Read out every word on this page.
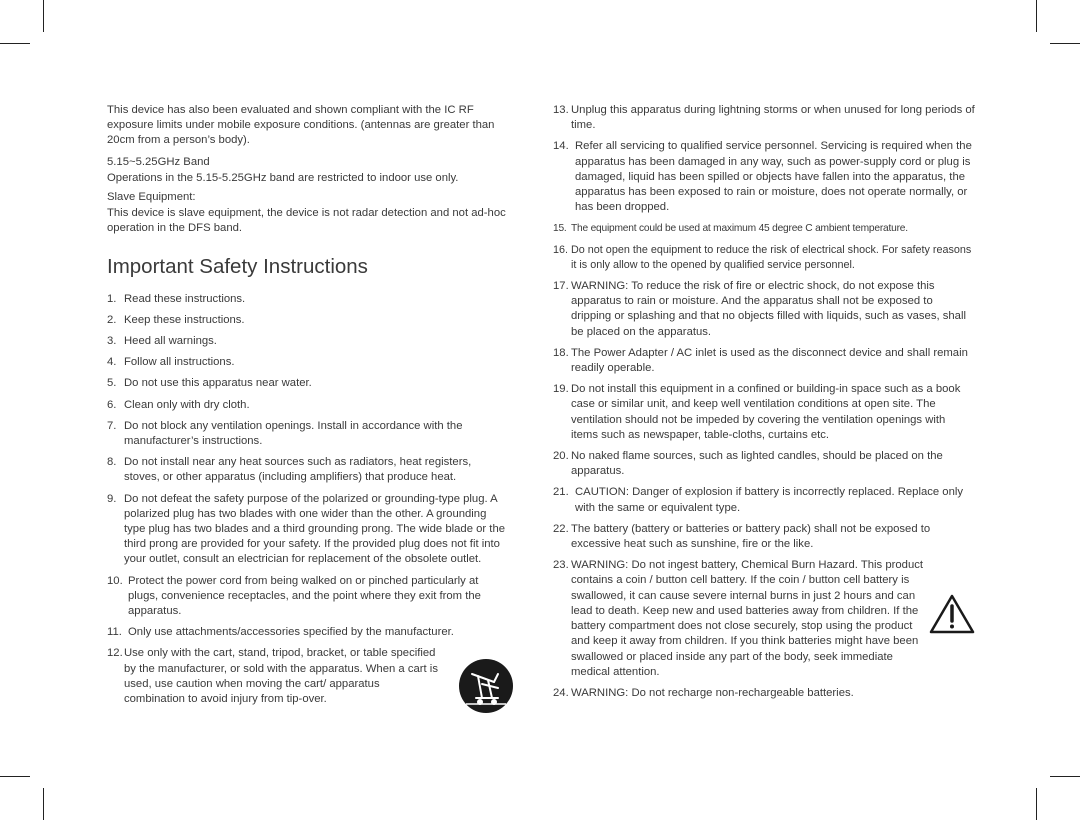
This device has also been evaluated and shown compliant with the IC RF exposure limits under mobile exposure conditions. (antennas are greater than 20cm from a person’s body).

5.15~5.25GHz Band

Operations in the 5.15-5.25GHz band are restricted to indoor use only.

Slave Equipment:

This device is slave equipment, the device is not radar detection and not ad-hoc operation in the DFS band.

Important Safety Instructions
1. Read these instructions.
2. Keep these instructions.
3. Heed all warnings.
4. Follow all instructions.
5. Do not use this apparatus near water.
6. Clean only with dry cloth.
7. Do not block any ventilation openings. Install in accordance with the manufacturer’s instructions.
8. Do not install near any heat sources such as radiators, heat registers, stoves, or other apparatus (including amplifiers) that produce heat.
9. Do not defeat the safety purpose of the polarized or grounding-type plug. A polarized plug has two blades with one wider than the other. A grounding type plug has two blades and a third grounding prong. The wide blade or the third prong are provided for your safety. If the provided plug does not fit into your outlet, consult an electrician for replacement of the obsolete outlet.
10. Protect the power cord from being walked on or pinched particularly at plugs, convenience receptacles, and the point where they exit from the apparatus.
11. Only use attachments/accessories specified by the manufacturer.
12. Use only with the cart, stand, tripod, bracket, or table specified by the manufacturer, or sold with the apparatus. When a cart is used, use caution when moving the cart/ apparatus combination to avoid injury from tip-over.
13. Unplug this apparatus during lightning storms or when unused for long periods of time.
14. Refer all servicing to qualified service personnel. Servicing is required when the apparatus has been damaged in any way, such as power-supply cord or plug is damaged, liquid has been spilled or objects have fallen into the apparatus, the apparatus has been exposed to rain or moisture, does not operate normally, or has been dropped.
15. The equipment could be used at maximum 45 degree C ambient temperature.
16. Do not open the equipment to reduce the risk of electrical shock. For safety reasons it is only allow to the opened by qualified service personnel.
17. WARNING: To reduce the risk of fire or electric shock, do not expose this apparatus to rain or moisture. And the apparatus shall not be exposed to dripping or splashing and that no objects filled with liquids, such as vases, shall be placed on the apparatus.
18. The Power Adapter / AC inlet is used as the disconnect device and shall remain readily operable.
19. Do not install this equipment in a confined or building-in space such as a book case or similar unit, and keep well ventilation conditions at open site. The ventilation should not be impeded by covering the ventilation openings with items such as newspaper, table-cloths, curtains etc.
20. No naked flame sources, such as lighted candles, should be placed on the apparatus.
21. CAUTION: Danger of explosion if battery is incorrectly replaced. Replace only with the same or equivalent type.
22. The battery (battery or batteries or battery pack) shall not be exposed to excessive heat such as sunshine, fire or the like.
23. WARNING: Do not ingest battery, Chemical Burn Hazard. This product contains a coin / button cell battery. If the coin / button cell battery is swallowed, it can cause severe internal burns in just 2 hours and can lead to death. Keep new and used batteries away from children. If the battery compartment does not close securely, stop using the product and keep it away from children. If you think batteries might have been swallowed or placed inside any part of the body, seek immediate medical attention.
24. WARNING: Do not recharge non-rechargeable batteries.
